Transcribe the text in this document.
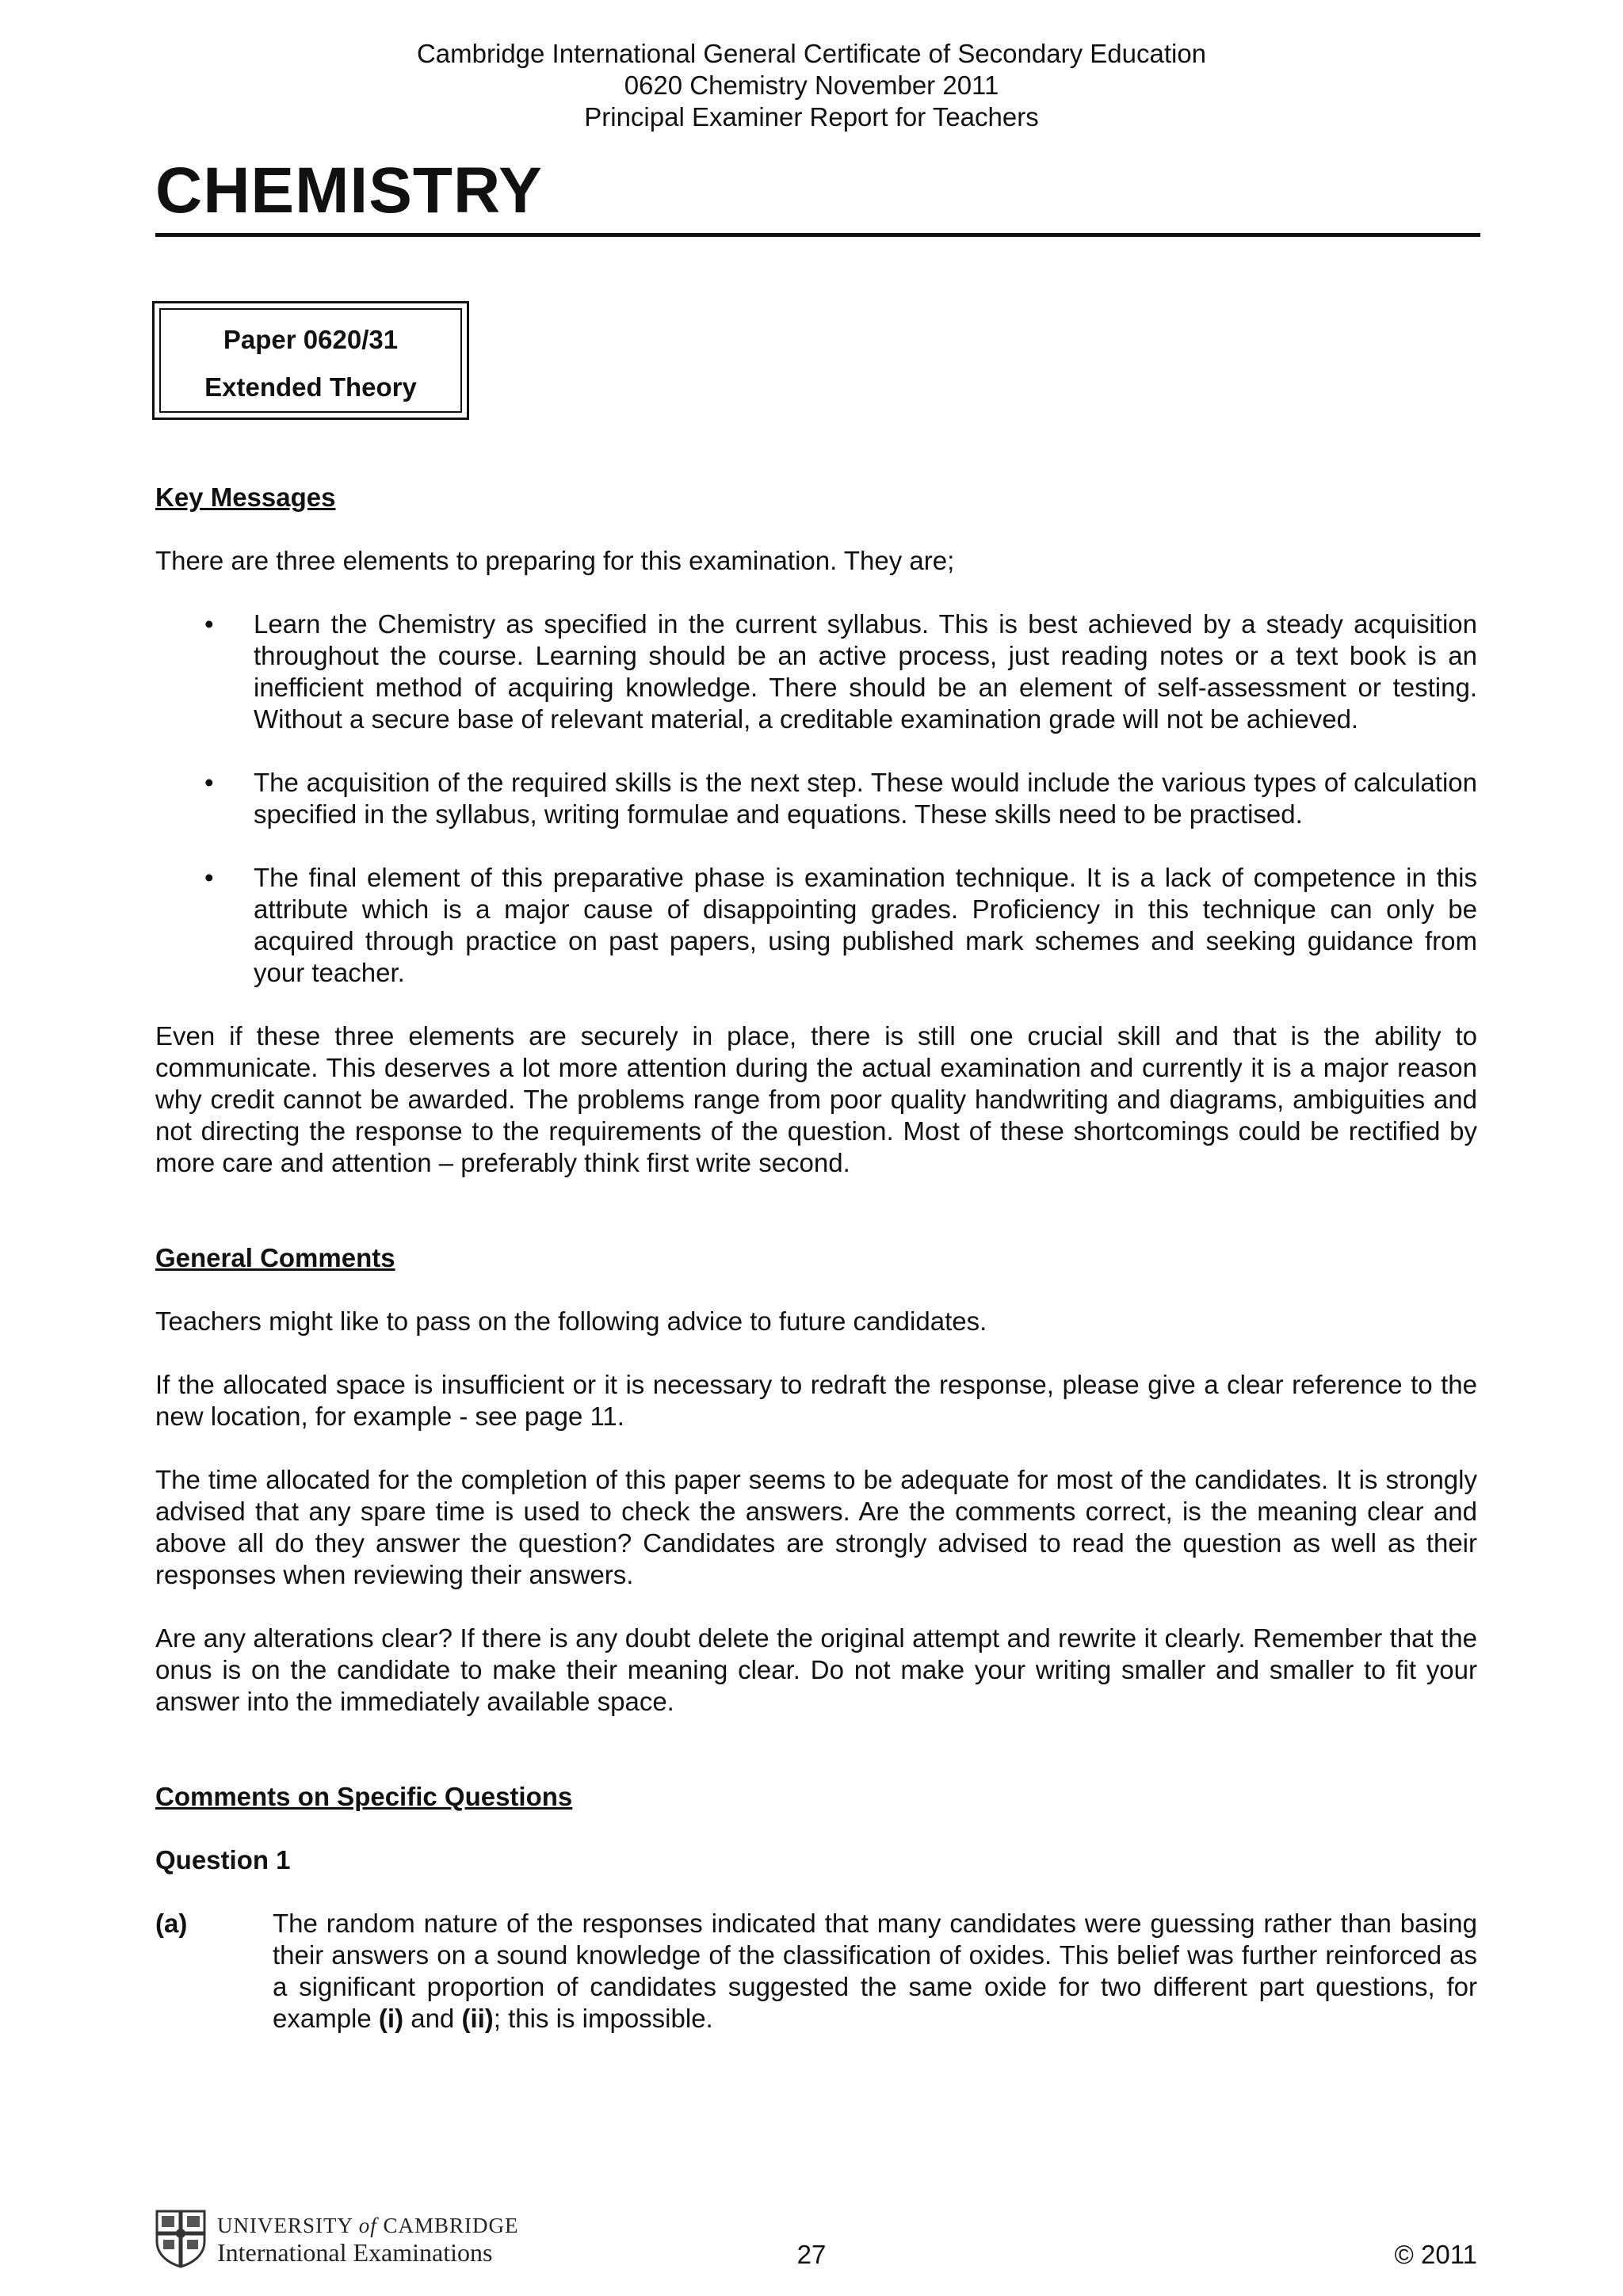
Cambridge International General Certificate of Secondary Education
0620 Chemistry November 2011
Principal Examiner Report for Teachers
CHEMISTRY
Paper 0620/31
Extended Theory

Key Messages

There are three elements to preparing for this examination. They are;

•	Learn the Chemistry as specified in the current syllabus. This is best achieved by a steady acquisition throughout the course. Learning should be an active process, just reading notes or a text book is an inefficient method of acquiring knowledge. There should be an element of self-assessment or testing. Without a secure base of relevant material, a creditable examination grade will not be achieved.
•	The acquisition of the required skills is the next step. These would include the various types of calculation specified in the syllabus, writing formulae and equations. These skills need to be practised.
•	The final element of this preparative phase is examination technique. It is a lack of competence in this attribute which is a major cause of disappointing grades. Proficiency in this technique can only be acquired through practice on past papers, using published mark schemes and seeking guidance from your teacher.

Even if these three elements are securely in place, there is still one crucial skill and that is the ability to communicate. This deserves a lot more attention during the actual examination and currently it is a major reason why credit cannot be awarded. The problems range from poor quality handwriting and diagrams, ambiguities and not directing the response to the requirements of the question. Most of these shortcomings could be rectified by more care and attention – preferably think first write second.

General Comments

Teachers might like to pass on the following advice to future candidates.

If the allocated space is insufficient or it is necessary to redraft the response, please give a clear reference to the new location, for example - see page 11.

The time allocated for the completion of this paper seems to be adequate for most of the candidates. It is strongly advised that any spare time is used to check the answers. Are the comments correct, is the meaning clear and above all do they answer the question? Candidates are strongly advised to read the question as well as their responses when reviewing their answers.

Are any alterations clear? If there is any doubt delete the original attempt and rewrite it clearly. Remember that the onus is on the candidate to make their meaning clear. Do not make your writing smaller and smaller to fit your answer into the immediately available space.

Comments on Specific Questions

Question 1

(a)	The random nature of the responses indicated that many candidates were guessing rather than basing their answers on a sound knowledge of the classification of oxides. This belief was further reinforced as a significant proportion of candidates suggested the same oxide for two different part questions, for example (i) and (ii); this is impossible.
UNIVERSITY of CAMBRIDGE
International Examinations	27	© 2011
